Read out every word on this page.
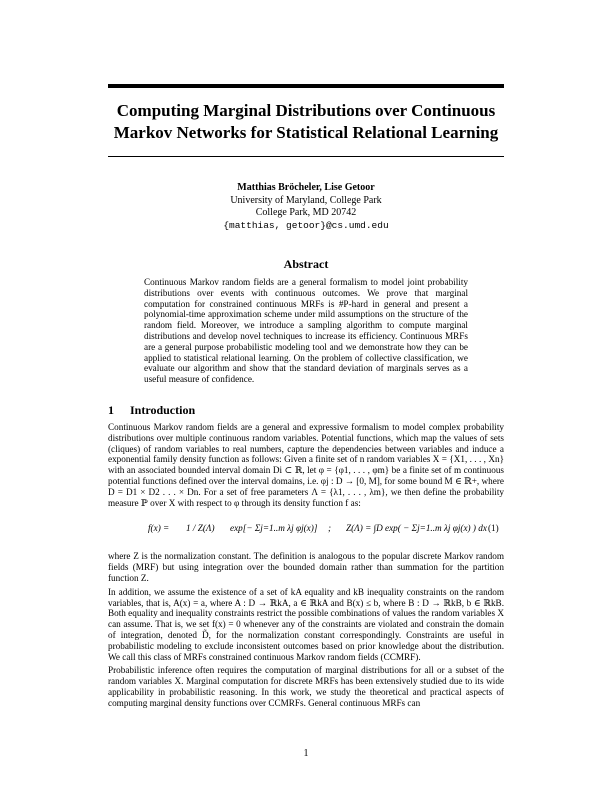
Computing Marginal Distributions over Continuous Markov Networks for Statistical Relational Learning
Matthias Bröcheler, Lise Getoor
University of Maryland, College Park
College Park, MD 20742
{matthias, getoor}@cs.umd.edu
Abstract
Continuous Markov random fields are a general formalism to model joint probability distributions over events with continuous outcomes. We prove that marginal computation for constrained continuous MRFs is #P-hard in general and present a polynomial-time approximation scheme under mild assumptions on the structure of the random field. Moreover, we introduce a sampling algorithm to compute marginal distributions and develop novel techniques to increase its efficiency. Continuous MRFs are a general purpose probabilistic modeling tool and we demonstrate how they can be applied to statistical relational learning. On the problem of collective classification, we evaluate our algorithm and show that the standard deviation of marginals serves as a useful measure of confidence.
1 Introduction

Continuous Markov random fields are a general and expressive formalism to model complex probability distributions over multiple continuous random variables. Potential functions, which map the values of sets (cliques) of random variables to real numbers, capture the dependencies between variables and induce a exponential family density function as follows: Given a finite set of n random variables X = {X1, . . . , Xn} with an associated bounded interval domain Di ⊂ ℝ, let φ = {φ1, . . . , φm} be a finite set of m continuous potential functions defined over the interval domains, i.e. φj : D → [0, M], for some bound M ∈ ℝ+, where D = D1 × D2 . . . × Dn. For a set of free parameters Λ = {λ1, . . . , λm}, we then define the probability measure ℙ over X with respect to φ through its density function f as:

f(x) = 1 / Z(Λ) exp[− Σj=1..m λj φj(x)] ; Z(Λ) = ∫D exp( − Σj=1..m λj φj(x) ) dx (1)

where Z is the normalization constant. The definition is analogous to the popular discrete Markov random fields (MRF) but using integration over the bounded domain rather than summation for the partition function Z.

In addition, we assume the existence of a set of kA equality and kB inequality constraints on the random variables, that is, A(x) = a, where A : D → ℝkA, a ∈ ℝkA and B(x) ≤ b, where B : D → ℝkB, b ∈ ℝkB. Both equality and inequality constraints restrict the possible combinations of values the random variables X can assume. That is, we set f(x) = 0 whenever any of the constraints are violated and constrain the domain of integration, denoted D̃, for the normalization constant correspondingly. Constraints are useful in probabilistic modeling to exclude inconsistent outcomes based on prior knowledge about the distribution. We call this class of MRFs constrained continuous Markov random fields (CCMRF).

Probabilistic inference often requires the computation of marginal distributions for all or a subset of the random variables X. Marginal computation for discrete MRFs has been extensively studied due to its wide applicability in probabilistic reasoning. In this work, we study the theoretical and practical aspects of computing marginal density functions over CCMRFs. General continuous MRFs can

1
